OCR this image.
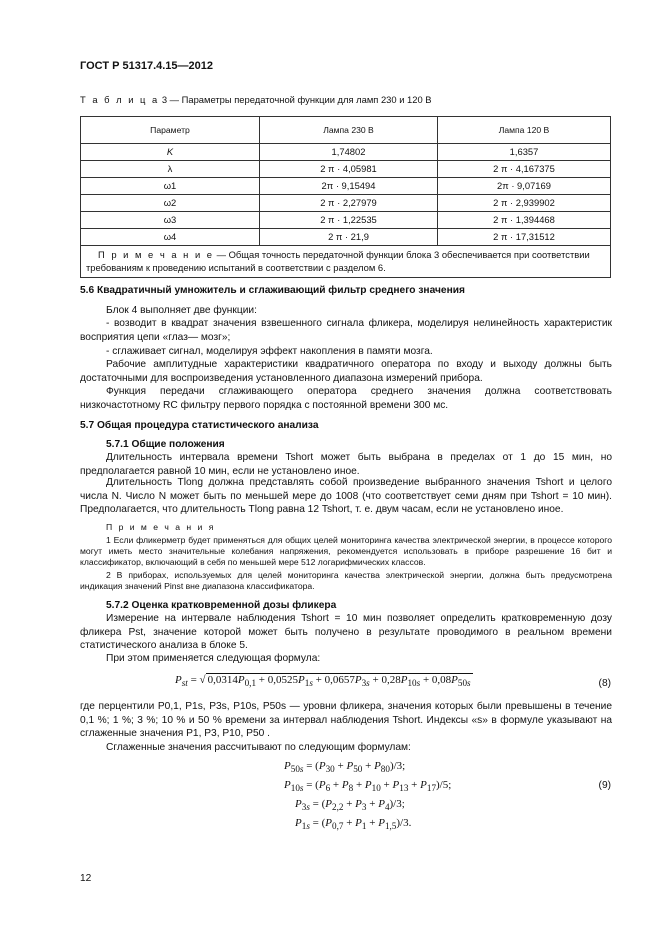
ГОСТ Р 51317.4.15—2012
Т а б л и ц а 3 — Параметры передаточной функции для ламп 230 и 120 В
Параметр	Лампа 230 В	Лампа 120 В
K	1,74802	1,6357
λ	2 π · 4,05981	2 π · 4,167375
ω1	2π · 9,15494	2π · 9,07169
ω2	2 π · 2,27979	2 π · 2,939902
ω3	2 π · 1,22535	2 π · 1,394468
ω4	2 π · 21,9	2 π · 17,31512
П р и м е ч а н и е — Общая точность передаточной функции блока 3 обеспечивается при соответствии требованиям к проведению испытаний в соответствии с разделом 6.		
5.6 Квадратичный умножитель и сглаживающий фильтр среднего значения
Блок 4 выполняет две функции:
- возводит в квадрат значения взвешенного сигнала фликера, моделируя нелинейность характеристик восприятия цепи «глаз— мозг»;
- сглаживает сигнал, моделируя эффект накопления в памяти мозга.
Рабочие амплитудные характеристики квадратичного оператора по входу и выходу должны быть достаточными для воспроизведения установленного диапазона измерений прибора.
Функция передачи сглаживающего оператора среднего значения должна соответствовать низкочастотному RC фильтру первого порядка с постоянной времени 300 мс.
5.7 Общая процедура статистического анализа
5.7.1 Общие положения
Длительность интервала времени Tshort может быть выбрана в пределах от 1 до 15 мин, но предполагается равной 10 мин, если не установлено иное.
Длительность Tlong должна представлять собой произведение выбранного значения Tshort и целого числа N. Число N может быть по меньшей мере до 1008 (что соответствует семи дням при Tshort = 10 мин). Предполагается, что длительность Tlong равна 12 Tshort, т. е. двум часам, если не установлено иное.
П р и м е ч а н и я
1 Если фликерметр будет применяться для общих целей мониторинга качества электрической энергии, в процессе которого могут иметь место значительные колебания напряжения, рекомендуется использовать в приборе разрешение 16 бит и классификатор, включающий в себя по меньшей мере 512 логарифмических классов.
2 В приборах, используемых для целей мониторинга качества электрической энергии, должна быть предусмотрена индикация значений Pinst вне диапазона классификатора.
5.7.2 Оценка кратковременной дозы фликера
Измерение на интервале наблюдения Tshort = 10 мин позволяет определить кратковременную дозу фликера Pst, значение которой может быть получено в результате проводимого в реальном времени статистического анализа в блоке 5.
При этом применяется следующая формула:
$P_{st}$ = √ $0,0314P_{0,1} + 0,0525P_{1s} + 0,0657P_{3s} + 0,28P_{10s} + 0,08P_{50s}$	(8)
где перцентили P0,1, P1s, P3s, P10s, P50s — уровни фликера, значения которых были превышены в течение 0,1 %; 1 %; 3 %; 10 % и 50 % времени за интервал наблюдения Tshort. Индексы «s» в формуле указывают на сглаженные значения P1, P3, P10, P50 .
Сглаженные значения рассчитывают по следующим формулам:
$P_{50s} = (P_{30} + P_{50} + P_{80})/3$;
$P_{10s} = (P_6 + P_8 + P_{10} + P_{13} + P_{17})/5$;
$P_{3s} = (P_{2,2} + P_3 + P_4)/3$;
$P_{1s} = (P_{0,7} + P_1 + P_{1,5})/3$.
(9)
12
